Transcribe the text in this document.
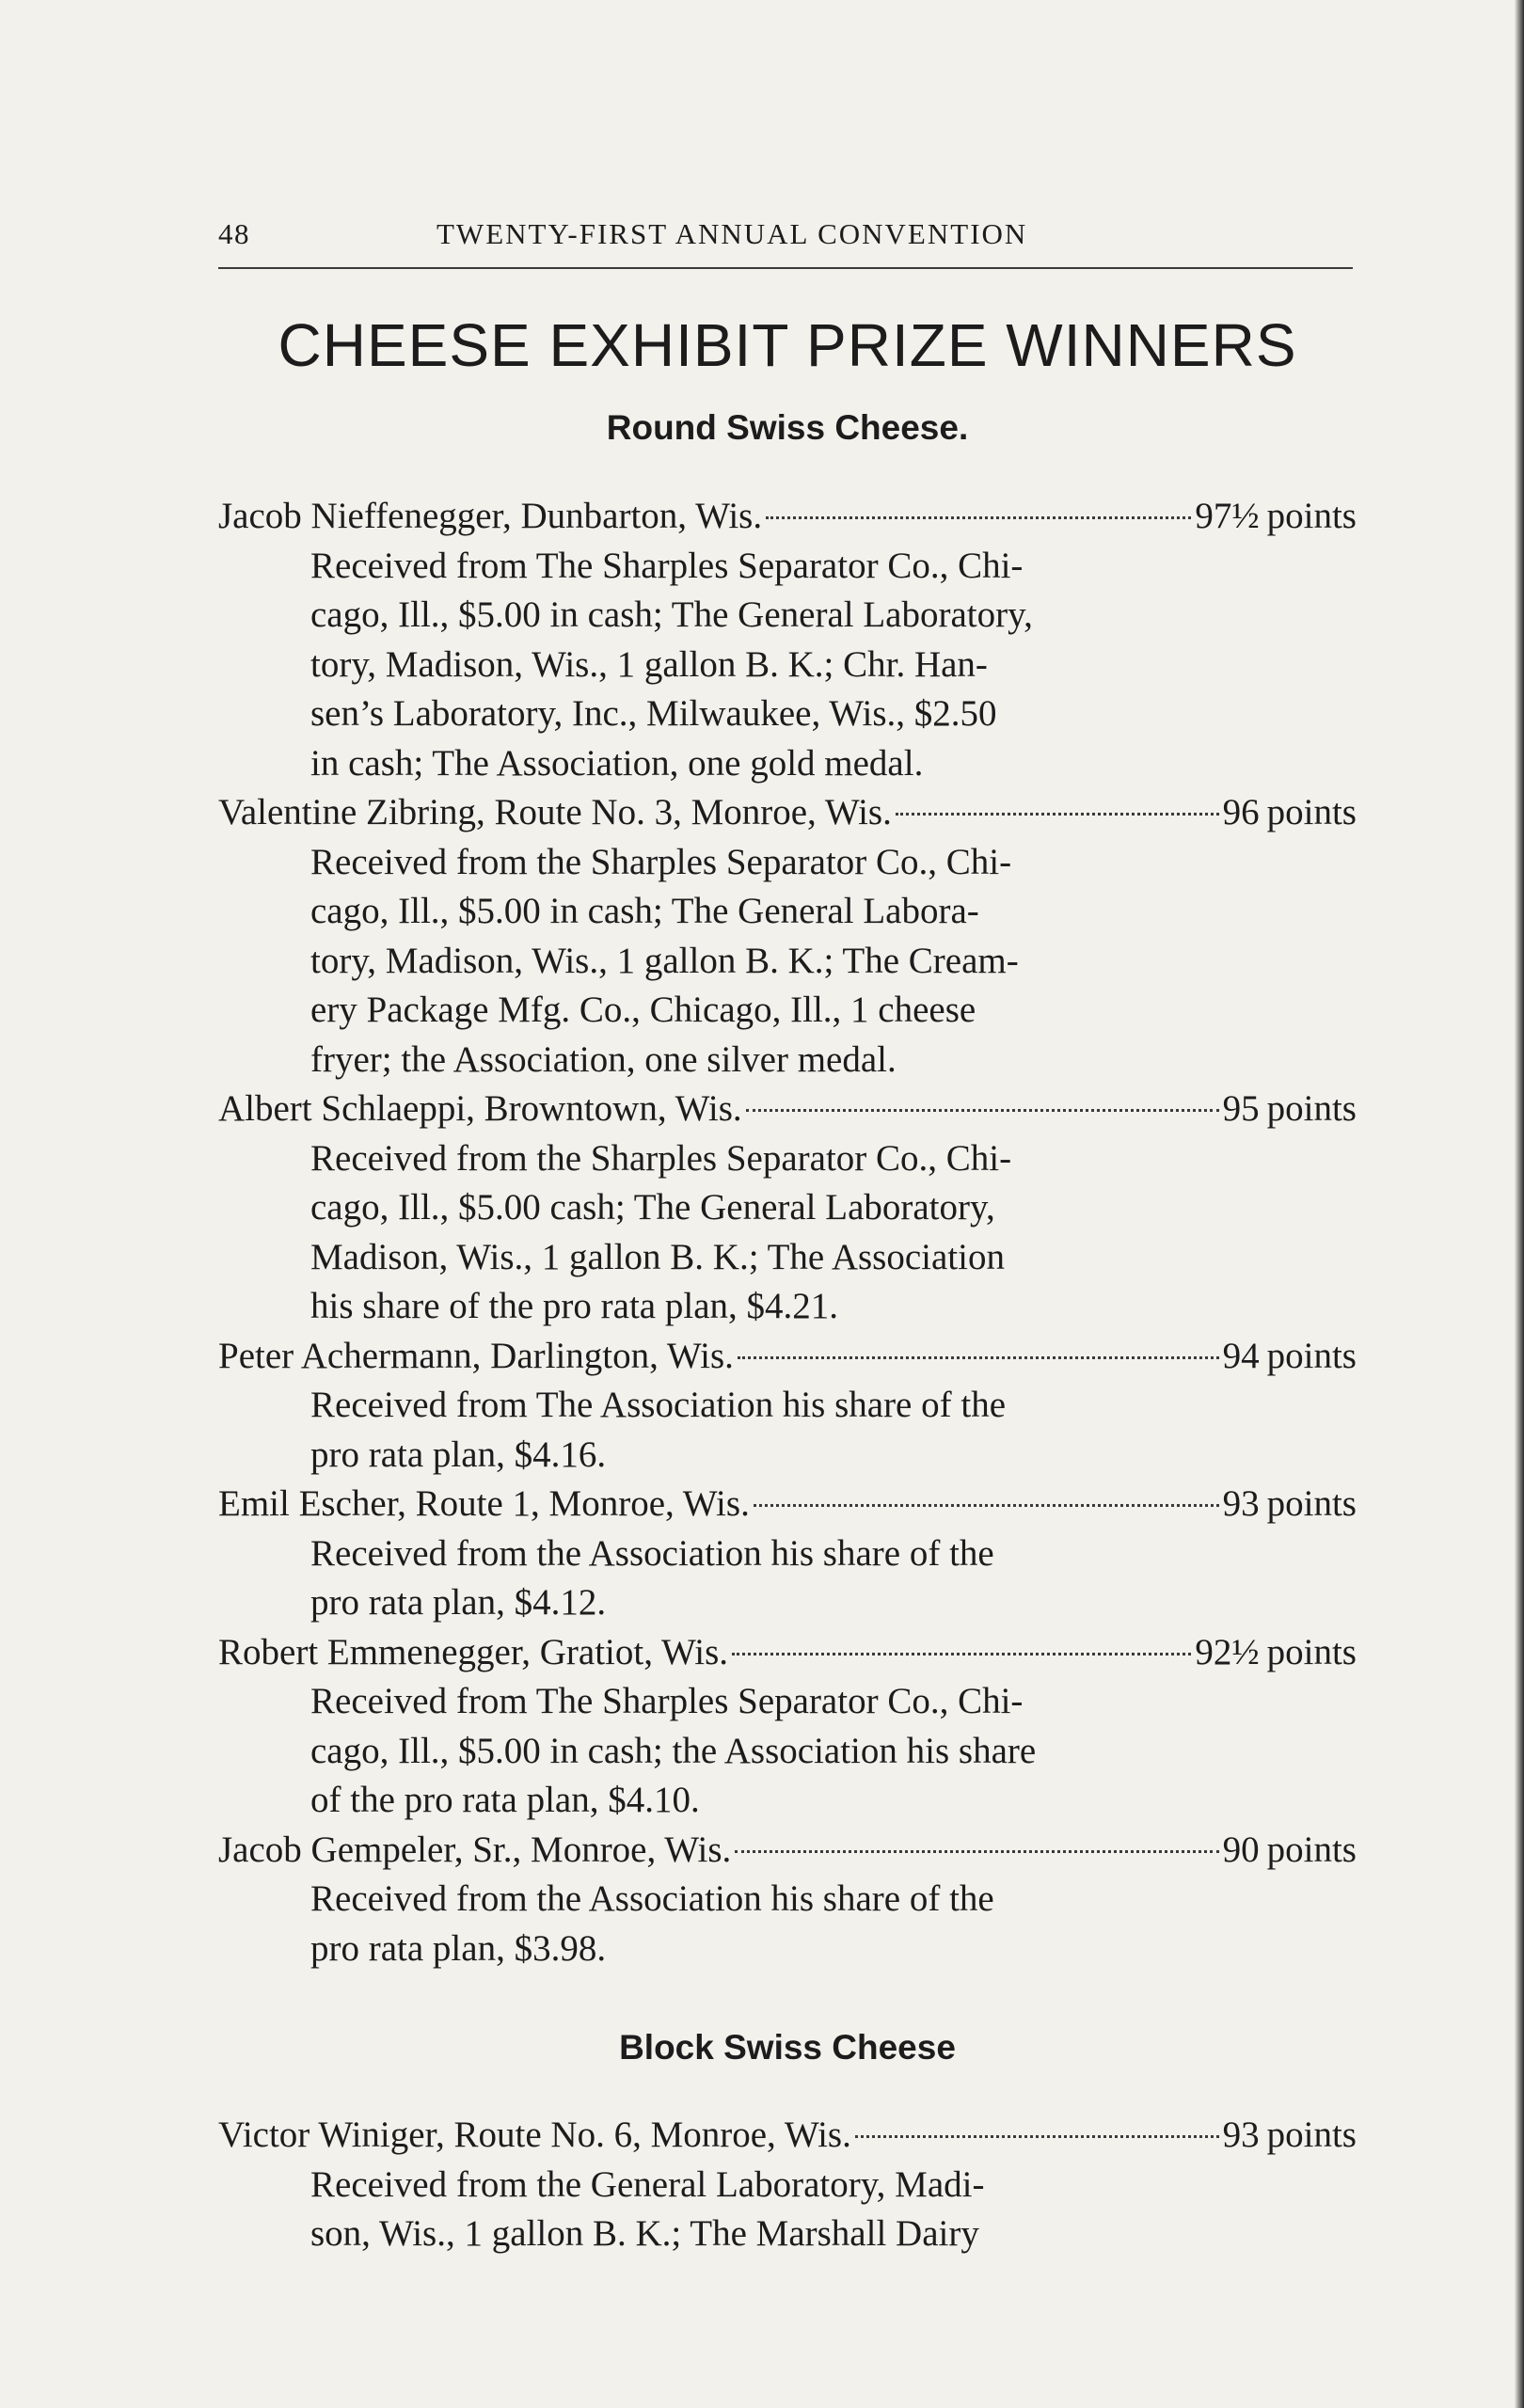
48	TWENTY-FIRST ANNUAL CONVENTION
CHEESE EXHIBIT PRIZE WINNERS
Round Swiss Cheese.
Jacob Nieffenegger, Dunbarton, Wis.	97½ points
Received from The Sharples Separator Co., Chi-
cago, Ill., $5.00 in cash; The General Laboratory,
tory, Madison, Wis., 1 gallon B. K.; Chr. Han-
sen’s Laboratory, Inc., Milwaukee, Wis., $2.50
in cash; The Association, one gold medal.
Valentine Zibring, Route No. 3, Monroe, Wis.	96 points
Received from the Sharples Separator Co., Chi-
cago, Ill., $5.00 in cash; The General Labora-
tory, Madison, Wis., 1 gallon B. K.; The Cream-
ery Package Mfg. Co., Chicago, Ill., 1 cheese
fryer; the Association, one silver medal.
Albert Schlaeppi, Browntown, Wis.	95 points
Received from the Sharples Separator Co., Chi-
cago, Ill., $5.00 cash; The General Laboratory,
Madison, Wis., 1 gallon B. K.; The Association
his share of the pro rata plan, $4.21.
Peter Achermann, Darlington, Wis.	94 points
Received from The Association his share of the
pro rata plan, $4.16.
Emil Escher, Route 1, Monroe, Wis.	93 points
Received from the Association his share of the
pro rata plan, $4.12.
Robert Emmenegger, Gratiot, Wis.	92½ points
Received from The Sharples Separator Co., Chi-
cago, Ill., $5.00 in cash; the Association his share
of the pro rata plan, $4.10.
Jacob Gempeler, Sr., Monroe, Wis.	90 points
Received from the Association his share of the
pro rata plan, $3.98.
Block Swiss Cheese
Victor Winiger, Route No. 6, Monroe, Wis.	93 points
Received from the General Laboratory, Madi-
son, Wis., 1 gallon B. K.; The Marshall Dairy
